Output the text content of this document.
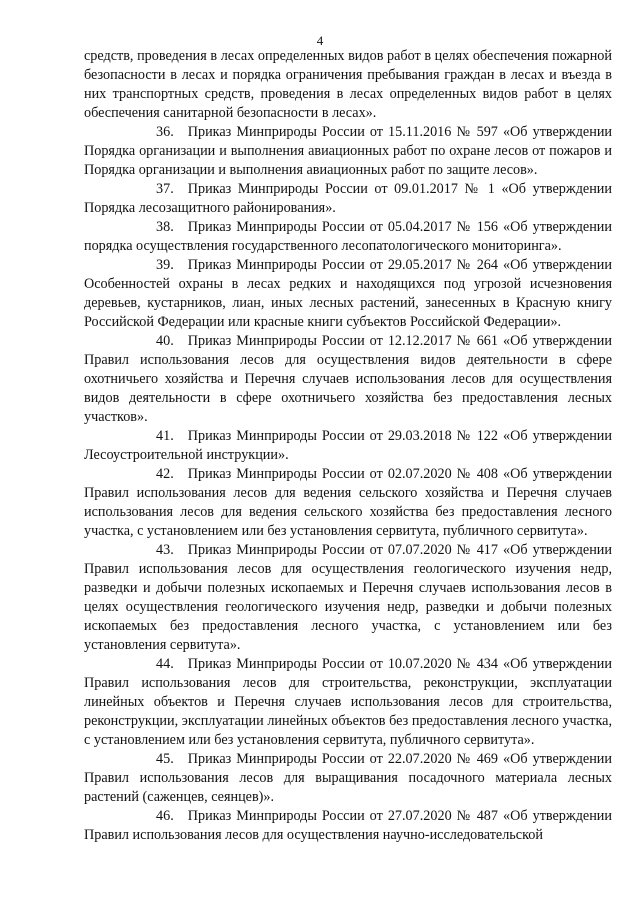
4

средств, проведения в лесах определенных видов работ в целях обеспечения пожарной безопасности в лесах и порядка ограничения пребывания граждан в лесах и въезда в них транспортных средств, проведения в лесах определенных видов работ в целях обеспечения санитарной безопасности в лесах».

36. Приказ Минприроды России от 15.11.2016 № 597 «Об утверждении Порядка организации и выполнения авиационных работ по охране лесов от пожаров и Порядка организации и выполнения авиационных работ по защите лесов».

37. Приказ Минприроды России от 09.01.2017 № 1 «Об утверждении Порядка лесозащитного районирования».

38. Приказ Минприроды России от 05.04.2017 № 156 «Об утверждении порядка осуществления государственного лесопатологического мониторинга».

39. Приказ Минприроды России от 29.05.2017 № 264 «Об утверждении Особенностей охраны в лесах редких и находящихся под угрозой исчезновения деревьев, кустарников, лиан, иных лесных растений, занесенных в Красную книгу Российской Федерации или красные книги субъектов Российской Федерации».

40. Приказ Минприроды России от 12.12.2017 № 661 «Об утверждении Правил использования лесов для осуществления видов деятельности в сфере охотничьего хозяйства и Перечня случаев использования лесов для осуществления видов деятельности в сфере охотничьего хозяйства без предоставления лесных участков».

41. Приказ Минприроды России от 29.03.2018 № 122 «Об утверждении Лесоустроительной инструкции».

42. Приказ Минприроды России от 02.07.2020 № 408 «Об утверждении Правил использования лесов для ведения сельского хозяйства и Перечня случаев использования лесов для ведения сельского хозяйства без предоставления лесного участка, с установлением или без установления сервитута, публичного сервитута».

43. Приказ Минприроды России от 07.07.2020 № 417 «Об утверждении Правил использования лесов для осуществления геологического изучения недр, разведки и добычи полезных ископаемых и Перечня случаев использования лесов в целях осуществления геологического изучения недр, разведки и добычи полезных ископаемых без предоставления лесного участка, с установлением или без установления сервитута».

44. Приказ Минприроды России от 10.07.2020 № 434 «Об утверждении Правил использования лесов для строительства, реконструкции, эксплуатации линейных объектов и Перечня случаев использования лесов для строительства, реконструкции, эксплуатации линейных объектов без предоставления лесного участка, с установлением или без установления сервитута, публичного сервитута».

45. Приказ Минприроды России от 22.07.2020 № 469 «Об утверждении Правил использования лесов для выращивания посадочного материала лесных растений (саженцев, сеянцев)».

46. Приказ Минприроды России от 27.07.2020 № 487 «Об утверждении Правил использования лесов для осуществления научно-исследовательской
